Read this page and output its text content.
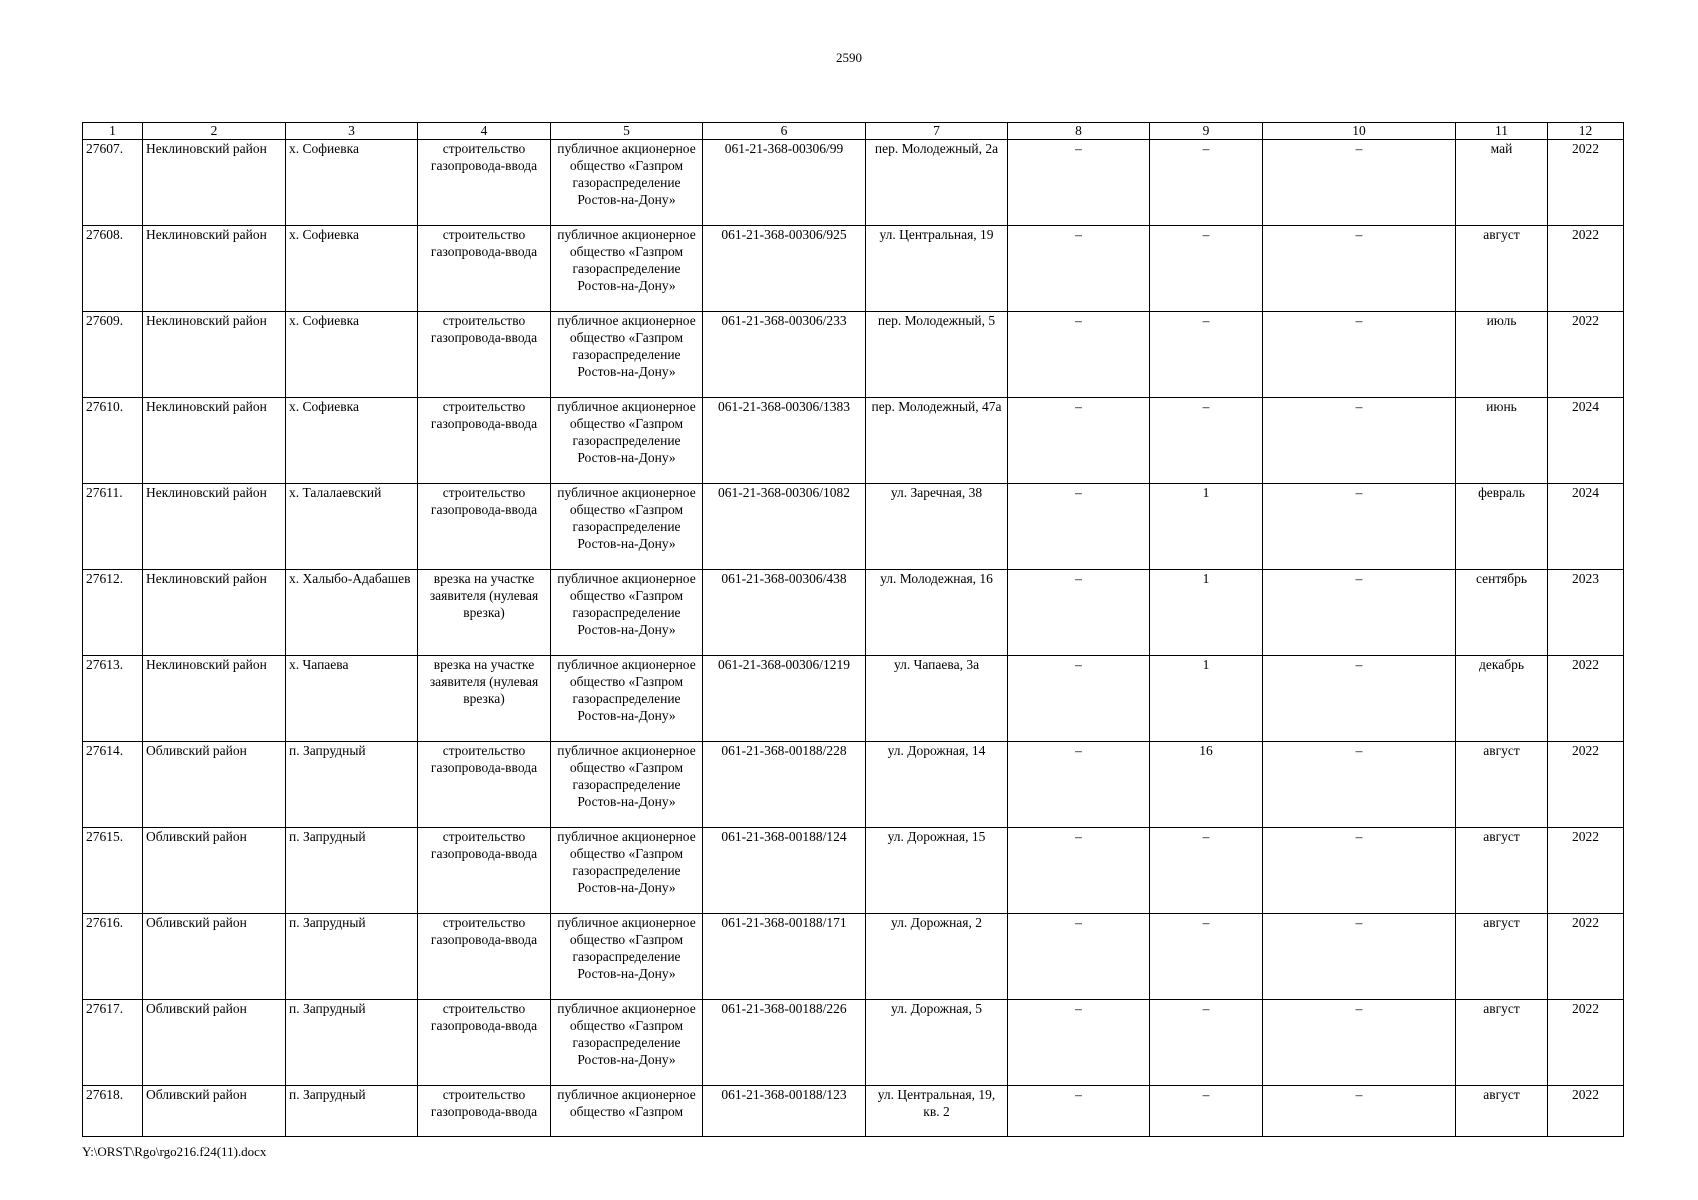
2590
1	2	3	4	5	6	7	8	9	10	11	12
27607.	Неклиновский район	х. Софиевка	строительство газопровода-ввода	публичное акционерное общество «Газпром газораспределение Ростов-на-Дону»	061-21-368-00306/99	пер. Молодежный, 2а	–	–	–	май	2022
27608.	Неклиновский район	х. Софиевка	строительство газопровода-ввода	публичное акционерное общество «Газпром газораспределение Ростов-на-Дону»	061-21-368-00306/925	ул. Центральная, 19	–	–	–	август	2022
27609.	Неклиновский район	х. Софиевка	строительство газопровода-ввода	публичное акционерное общество «Газпром газораспределение Ростов-на-Дону»	061-21-368-00306/233	пер. Молодежный, 5	–	–	–	июль	2022
27610.	Неклиновский район	х. Софиевка	строительство газопровода-ввода	публичное акционерное общество «Газпром газораспределение Ростов-на-Дону»	061-21-368-00306/1383	пер. Молодежный, 47а	–	–	–	июнь	2024
27611.	Неклиновский район	х. Талалаевский	строительство газопровода-ввода	публичное акционерное общество «Газпром газораспределение Ростов-на-Дону»	061-21-368-00306/1082	ул. Заречная, 38	–	1	–	февраль	2024
27612.	Неклиновский район	х. Халыбо-Адабашев	врезка на участке заявителя (нулевая врезка)	публичное акционерное общество «Газпром газораспределение Ростов-на-Дону»	061-21-368-00306/438	ул. Молодежная, 16	–	1	–	сентябрь	2023
27613.	Неклиновский район	х. Чапаева	врезка на участке заявителя (нулевая врезка)	публичное акционерное общество «Газпром газораспределение Ростов-на-Дону»	061-21-368-00306/1219	ул. Чапаева, 3а	–	1	–	декабрь	2022
27614.	Обливский район	п. Запрудный	строительство газопровода-ввода	публичное акционерное общество «Газпром газораспределение Ростов-на-Дону»	061-21-368-00188/228	ул. Дорожная, 14	–	16	–	август	2022
27615.	Обливский район	п. Запрудный	строительство газопровода-ввода	публичное акционерное общество «Газпром газораспределение Ростов-на-Дону»	061-21-368-00188/124	ул. Дорожная, 15	–	–	–	август	2022
27616.	Обливский район	п. Запрудный	строительство газопровода-ввода	публичное акционерное общество «Газпром газораспределение Ростов-на-Дону»	061-21-368-00188/171	ул. Дорожная, 2	–	–	–	август	2022
27617.	Обливский район	п. Запрудный	строительство газопровода-ввода	публичное акционерное общество «Газпром газораспределение Ростов-на-Дону»	061-21-368-00188/226	ул. Дорожная, 5	–	–	–	август	2022

27618.	Обливский район	п. Запрудный	строительство газопровода-ввода	публичное акционерное общество «Газпром	061-21-368-00188/123	ул. Центральная, 19, кв. 2	–	–	–	август	2022
Y:\ORST\Rgo\rgo216.f24(11).docx
